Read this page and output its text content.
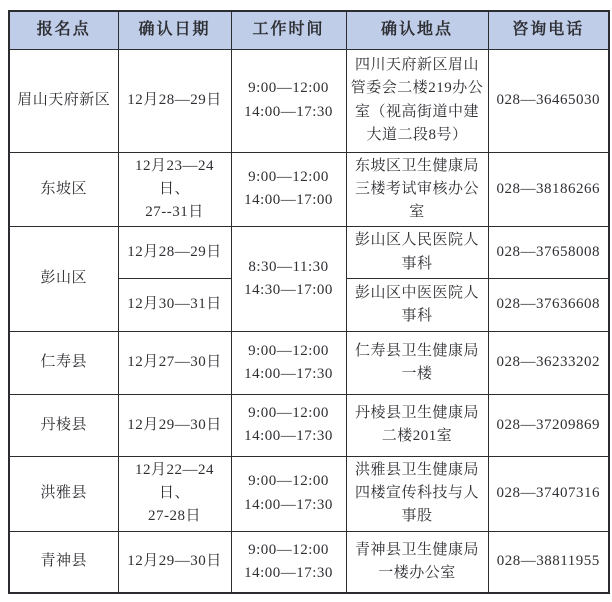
报名点	确认日期	工作时间	确认地点	咨询电话
眉山天府新区	12月28—29日	9:00—12:00
14:00—17:30	四川天府新区眉山管委会二楼219办公室（视高街道中建大道二段8号）	028—36465030
东坡区	12月23—24日、
27--31日	9:00—12:00
14:00—17:00	东坡区卫生健康局三楼考试审核办公室	028—38186266
彭山区	12月28—29日	8:30—11:30
14:30—17:00	彭山区人民医院人事科	028—37658008
	12月30—31日		彭山区中医医院人事科	028—37636608
仁寿县	12月27—30日	9:00—12:00
14:00—17:30	仁寿县卫生健康局一楼	028—36233202
丹棱县	12月29—30日	9:00—12:00
14:00—17:30	丹棱县卫生健康局二楼201室	028—37209869
洪雅县	12月22—24日、
27-28日	9:00—12:00
14:00—17:30	洪雅县卫生健康局四楼宣传科技与人事股	028—37407316
青神县	12月29—30日	9:00—12:00
14:00—17:30	青神县卫生健康局一楼办公室	028—38811955
